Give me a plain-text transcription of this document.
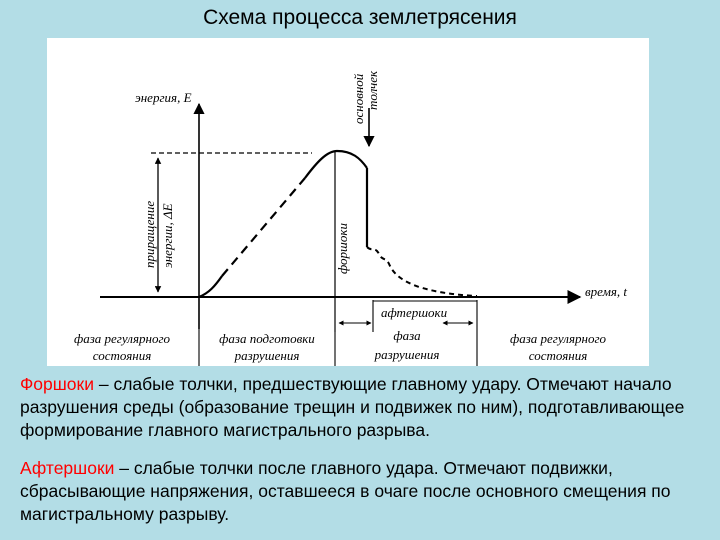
Схема процесса землетрясения
энергия, E
время, t
приращение энергии, ΔE
основной толчек
форшоки
афтершоки
фаза регулярного
состояния
фаза подготовки
разрушения
фаза
разрушения
фаза регулярного
состояния
Форшоки – слабые толчки, предшествующие главному удару. Отмечают начало разрушения среды (образование трещин и подвижек по ним), подготавливающее формирование главного магистрального разрыва.
Афтершоки – слабые толчки после главного удара. Отмечают подвижки, сбрасывающие напряжения, оставшееся в очаге после основного смещения по магистральному разрыву.
